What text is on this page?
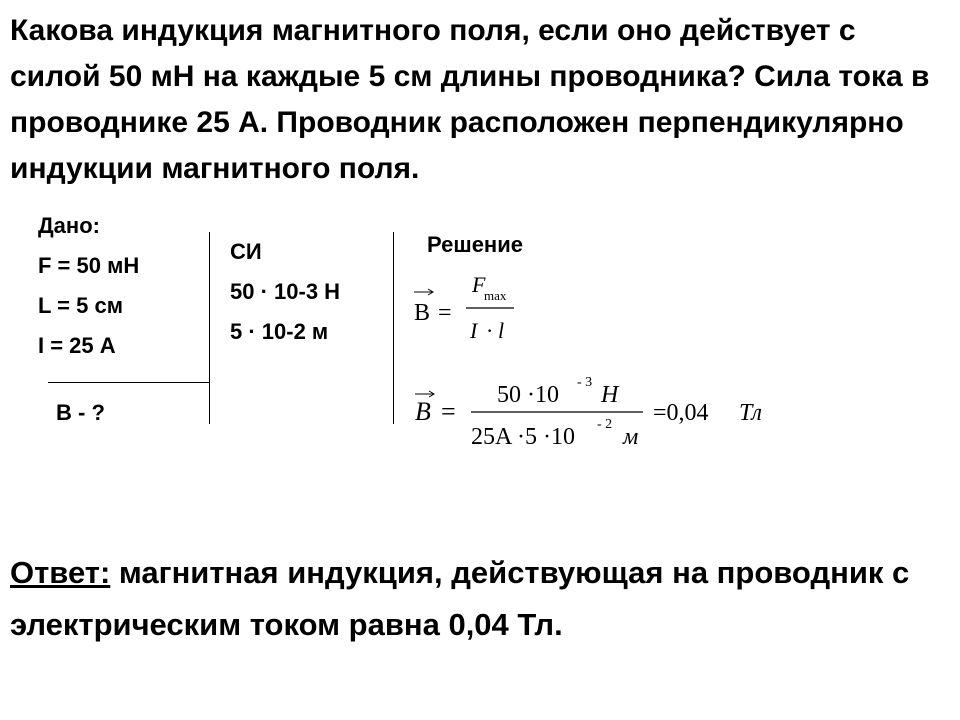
Какова индукция магнитного поля, если оно действует с силой 50 мН на каждые 5 см длины проводника? Сила тока в проводнике 25 А. Проводник расположен перпендикулярно индукции магнитного поля.
Дано:
F = 50 мН
L = 5 см
I = 25 А
B - ?
СИ
50 · 10-3 Н
5 · 10-2 м
Решение
B =
F
max
I · l
B =
50 ·10 - 3 Н
25A ·5 ·10 - 2 м
=0,04 Тл
Ответ: магнитная индукция, действующая на проводник с электрическим током равна 0,04 Тл.
